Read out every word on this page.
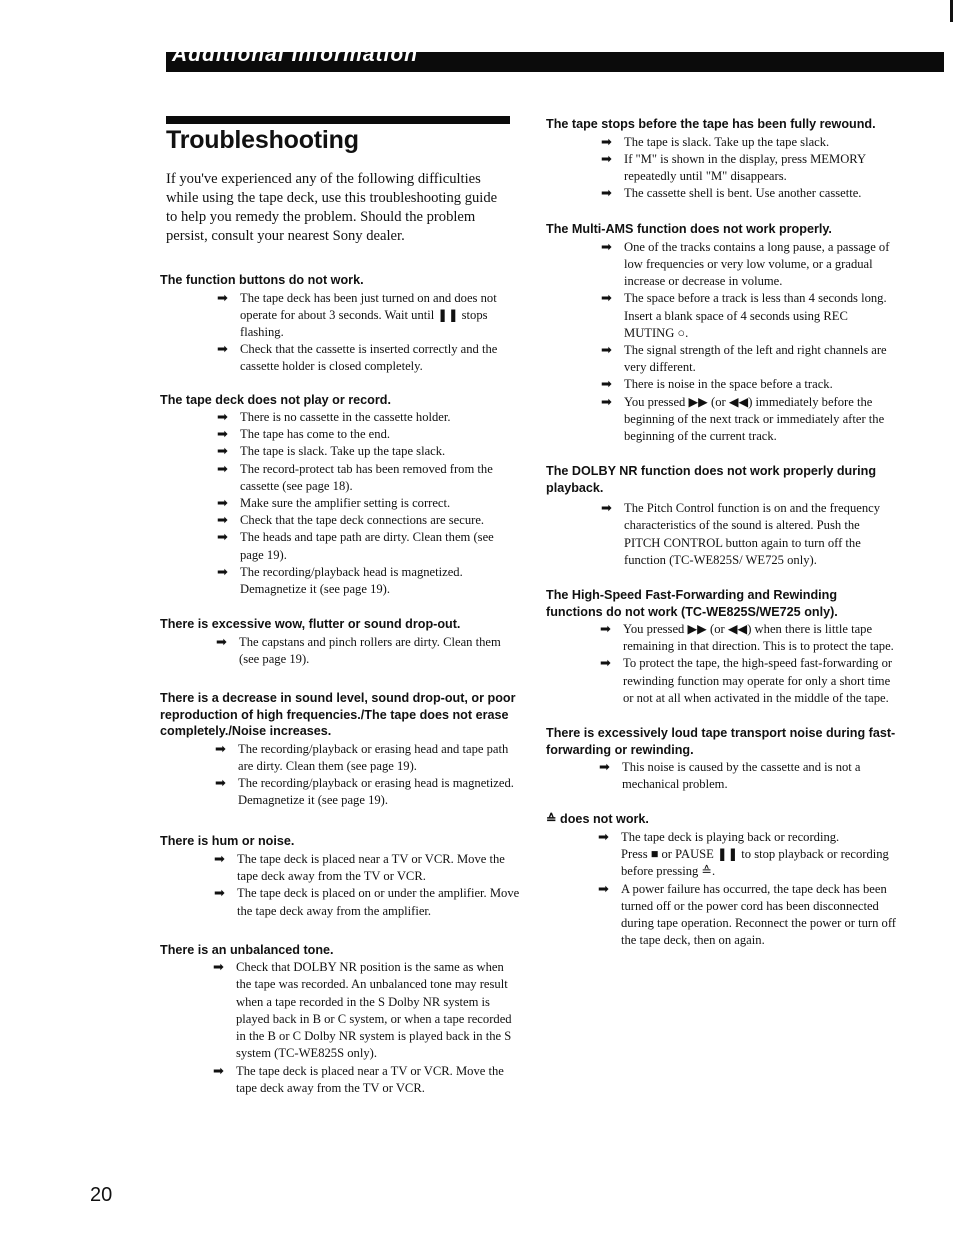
Additional Information
Troubleshooting

If you've experienced any of the following difficulties while using the tape deck, use this troubleshooting guide to help you remedy the problem. Should the problem persist, consult your nearest Sony dealer.

The function buttons do not work.
➡ The tape deck has been just turned on and does not operate for about 3 seconds. Wait until ❚❚ stops flashing.
➡ Check that the cassette is inserted correctly and the cassette holder is closed completely.
The tape deck does not play or record.
➡ There is no cassette in the cassette holder.
➡ The tape has come to the end.
➡ The tape is slack. Take up the tape slack.
➡ The record-protect tab has been removed from the cassette (see page 18).
➡ Make sure the amplifier setting is correct.
➡ Check that the tape deck connections are secure.
➡ The heads and tape path are dirty. Clean them (see page 19).
➡ The recording/playback head is magnetized. Demagnetize it (see page 19).
There is excessive wow, flutter or sound drop-out.
➡ The capstans and pinch rollers are dirty. Clean them (see page 19).
There is a decrease in sound level, sound drop-out, or poor reproduction of high frequencies./The tape does not erase completely./Noise increases.
➡ The recording/playback or erasing head and tape path are dirty. Clean them (see page 19).
➡ The recording/playback or erasing head is magnetized. Demagnetize it (see page 19).
There is hum or noise.
➡ The tape deck is placed near a TV or VCR. Move the tape deck away from the TV or VCR.
➡ The tape deck is placed on or under the amplifier. Move the tape deck away from the amplifier.
There is an unbalanced tone.
➡ Check that DOLBY NR position is the same as when the tape was recorded. An unbalanced tone may result when a tape recorded in the S Dolby NR system is played back in B or C system, or when a tape recorded in the B or C Dolby NR system is played back in the S system (TC-WE825S only).
➡ The tape deck is placed near a TV or VCR. Move the tape deck away from the TV or VCR.
The tape stops before the tape has been fully rewound.
➡ The tape is slack. Take up the tape slack.
➡ If "M" is shown in the display, press MEMORY repeatedly until "M" disappears.
➡ The cassette shell is bent. Use another cassette.
The Multi-AMS function does not work properly.
➡ One of the tracks contains a long pause, a passage of low frequencies or very low volume, or a gradual increase or decrease in volume.
➡ The space before a track is less than 4 seconds long. Insert a blank space of 4 seconds using REC MUTING ○.
➡ The signal strength of the left and right channels are very different.
➡ There is noise in the space before a track.
➡ You pressed ▶▶ (or ◀◀) immediately before the beginning of the next track or immediately after the beginning of the current track.
The DOLBY NR function does not work properly during playback.
➡ The Pitch Control function is on and the frequency characteristics of the sound is altered. Push the PITCH CONTROL button again to turn off the function (TC-WE825S/ WE725 only).
The High-Speed Fast-Forwarding and Rewinding functions do not work (TC-WE825S/WE725 only).
➡ You pressed ▶▶ (or ◀◀) when there is little tape remaining in that direction. This is to protect the tape.
➡ To protect the tape, the high-speed fast-forwarding or rewinding function may operate for only a short time or not at all when activated in the middle of the tape.
There is excessively loud tape transport noise during fast-forwarding or rewinding.
➡ This noise is caused by the cassette and is not a mechanical problem.
≙ does not work.
➡ The tape deck is playing back or recording.
Press ■ or PAUSE ❚❚ to stop playback or recording before pressing ≙.
➡ A power failure has occurred, the tape deck has been turned off or the power cord has been disconnected during tape operation. Reconnect the power or turn off the tape deck, then on again.
20
